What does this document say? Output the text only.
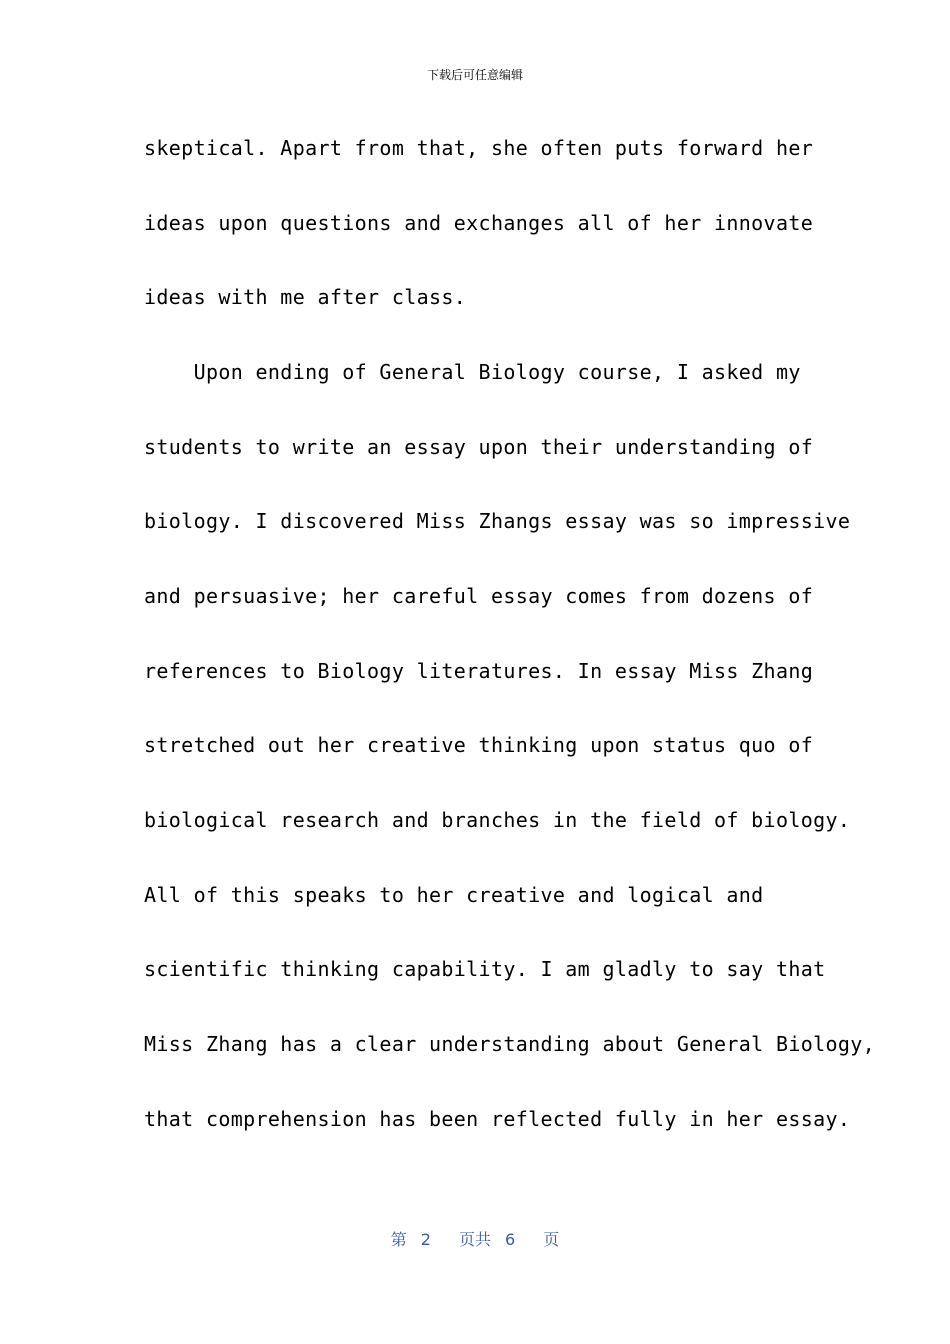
下载后可任意编辑
skeptical. Apart from that, she often puts forward her
ideas upon questions and exchanges all of her innovate
ideas with me after class.
Upon ending of General Biology course, I asked my
students to write an essay upon their understanding of
biology. I discovered Miss Zhangs essay was so impressive
and persuasive; her careful essay comes from dozens of
references to Biology literatures. In essay Miss Zhang
stretched out her creative thinking upon status quo of
biological research and branches in the field of biology.
All of this speaks to her creative and logical and
scientific thinking capability. I am gladly to say that
Miss Zhang has a clear understanding about General Biology,
that comprehension has been reflected fully in her essay.
第 2 页共 6 页
